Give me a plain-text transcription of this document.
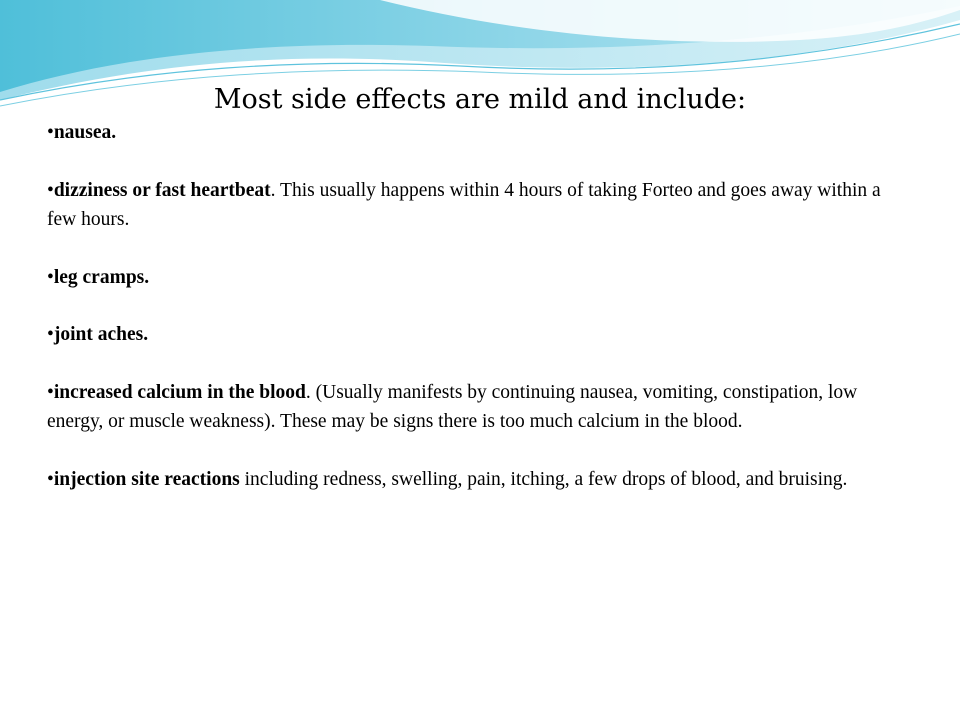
Most side effects are mild and include:

•nausea.

•dizziness or fast heartbeat. This usually happens within 4 hours of taking Forteo and goes away within a few hours.

•leg cramps.

•joint aches.

•increased calcium in the blood. (Usually manifests by continuing nausea, vomiting, constipation, low energy, or muscle weakness). These may be signs there is too much calcium in the blood.

•injection site reactions including redness, swelling, pain, itching, a few drops of blood, and bruising.
